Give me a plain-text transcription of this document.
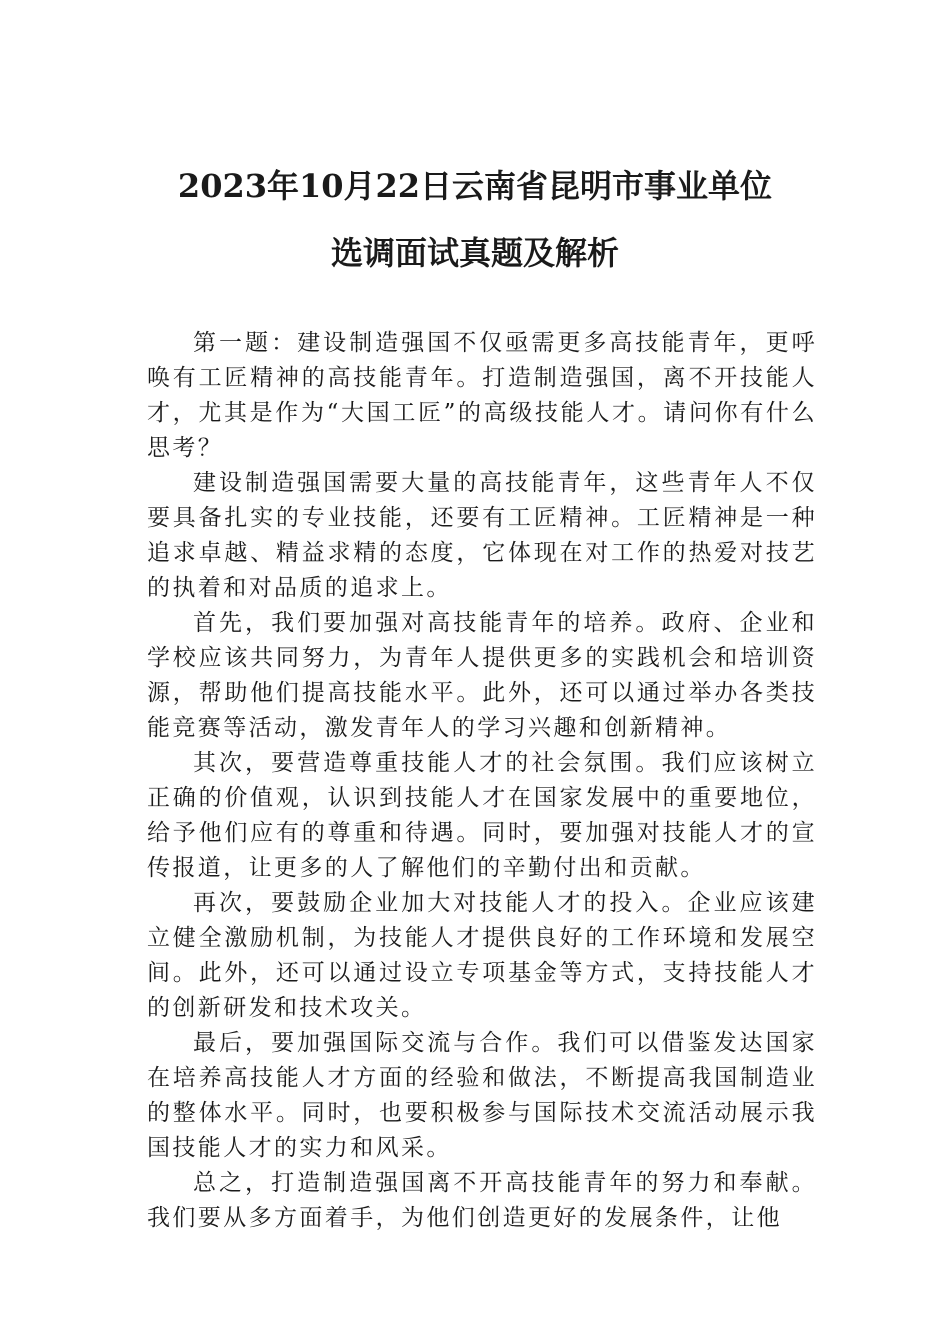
2023年10月22日云南省昆明市事业单位
选调面试真题及解析

第一题：建设制造强国不仅亟需更多高技能青年，更呼唤有工匠精神的高技能青年。打造制造强国，离不开技能人才，尤其是作为“大国工匠”的高级技能人才。请问你有什么思考？

建设制造强国需要大量的高技能青年，这些青年人不仅要具备扎实的专业技能，还要有工匠精神。工匠精神是一种追求卓越、精益求精的态度，它体现在对工作的热爱对技艺的执着和对品质的追求上。

首先，我们要加强对高技能青年的培养。政府、企业和学校应该共同努力，为青年人提供更多的实践机会和培训资源，帮助他们提高技能水平。此外，还可以通过举办各类技能竞赛等活动，激发青年人的学习兴趣和创新精神。

其次，要营造尊重技能人才的社会氛围。我们应该树立正确的价值观，认识到技能人才在国家发展中的重要地位，给予他们应有的尊重和待遇。同时，要加强对技能人才的宣传报道，让更多的人了解他们的辛勤付出和贡献。

再次，要鼓励企业加大对技能人才的投入。企业应该建立健全激励机制，为技能人才提供良好的工作环境和发展空间。此外，还可以通过设立专项基金等方式，支持技能人才的创新研发和技术攻关。

最后，要加强国际交流与合作。我们可以借鉴发达国家在培养高技能人才方面的经验和做法，不断提高我国制造业的整体水平。同时，也要积极参与国际技术交流活动展示我国技能人才的实力和风采。

总之，打造制造强国离不开高技能青年的努力和奉献。我们要从多方面着手，为他们创造更好的发展条件，让他
